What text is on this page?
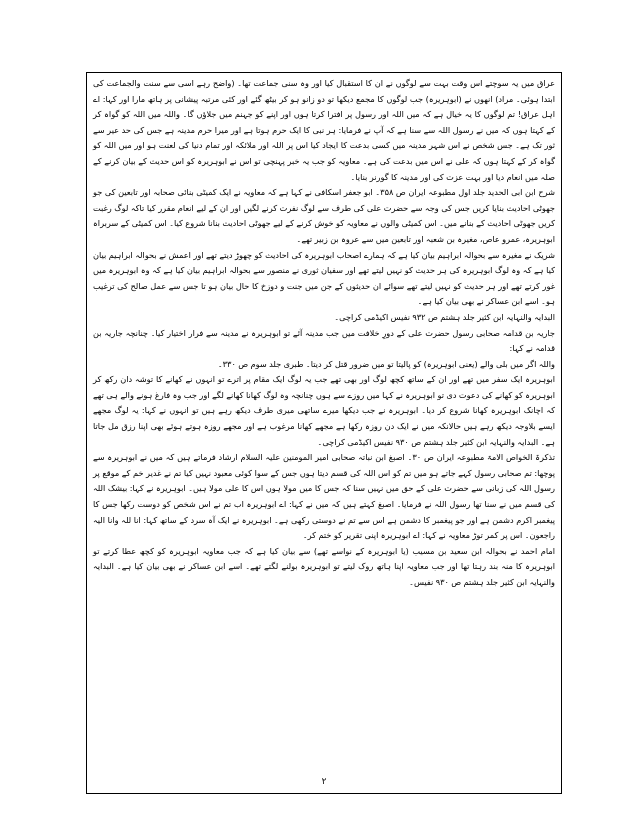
عراق میں یہ سوچتے اس وقت بہت سے لوگوں نے ان کا استقبال کیا اور وہ سنی جماعت تھا۔ (واضح رہے اسی سے سنت والجماعت کی ابتدا ہوئی۔ مراد) انھوں نے (ابوہریرہ) جب لوگوں کا مجمع دیکھا تو دو زانو ہو کر بیٹھ گئے اور کئی مرتبہ پیشانی پر ہاتھ مارا اور کہا: اے اہل عراق! تم لوگوں کا یہ خیال ہے کہ میں اللہ اور رسول پر افترا کرتا ہوں اور اپنے کو جہنم میں جلاؤں گا۔ واللہ میں اللہ کو گواہ کر کے کہتا ہوں کہ میں نے رسول اللہ سے سنا ہے کہ آپ نے فرمایا: ہر نبی کا ایک حرم ہوتا ہے اور میرا حرم مدینہ ہے جس کی حد عیر سے ثور تک ہے۔ جس شخص نے اس شہر مدینہ میں کسی بدعت کا ایجاد کیا اس پر اللہ اور ملائکہ اور تمام دنیا کی لعنت ہو اور میں اللہ کو گواہ کر کے کہتا ہوں کہ علی نے اس میں بدعت کی ہے۔ معاویہ کو جب یہ خبر پہنچی تو اس نے ابوہریرہ کو اس حدیث کے بیان کرنے کے صلہ میں انعام دیا اور بہت عزت کی اور مدینہ کا گورنر بنایا۔

شرح ابن ابی الحدید جلد اول مطبوعہ ایران ص ۳۵۸۔ ابو جعفر اسکافی نے کہا ہے کہ معاویہ نے ایک کمیٹی بنائی صحابہ اور تابعین کی جو جھوٹی احادیث بنایا کریں جس کی وجہ سے حضرت علی کی طرف سے لوگ نفرت کرنے لگیں اور ان کے لیے انعام مقرر کیا تاکہ لوگ رغبت کریں جھوٹی احادیث کے بنانے میں۔ اس کمیٹی والوں نے معاویہ کو خوش کرنے کے لیے جھوٹی احادیث بنانا شروع کیا۔ اس کمیٹی کے سربراہ ابوہریرہ، عمرو عاص، مغیرہ بن شعبہ اور تابعین میں سے عروہ بن زبیر تھے۔

شریک نے مغیرہ سے بحوالہ ابراہیم بیان کیا ہے کہ ہمارے اصحاب ابوہریرہ کی احادیث کو چھوڑ دیتے تھے اور اعمش نے بحوالہ ابراہیم بیان کیا ہے کہ وہ لوگ ابوہریرہ کی ہر حدیث کو نہیں لیتے تھے اور سفیان ثوری نے منصور سے بحوالہ ابراہیم بیان کیا ہے کہ وہ ابوہریرہ میں غور کرتے تھے اور ہر حدیث کو نہیں لیتے تھے سوائے ان حدیثوں کے جن میں جنت و دوزخ کا حال بیان ہو تا جس سے عمل صالح کی ترغیب ہو۔ اسے ابن عساکر نے بھی بیان کیا ہے۔

البدایہ والنہایہ ابن کثیر جلد ہشتم ص ۹۳۲ نفیس اکیڈمی کراچی۔

جاریہ بن قدامہ صحابی رسول حضرت علی کے دورِ خلافت میں جب مدینہ آئے تو ابوہریرہ نے مدینہ سے فرار اختیار کیا۔ چنانچہ جاریہ بن قدامہ نے کہا:

واللہ اگر میں بلی والے (یعنی ابوہریرہ) کو پالیتا تو میں ضرور قتل کر دیتا۔ طبری جلد سوم ص ۳۳۰۔

ابوہریرہ ایک سفر میں تھے اور ان کے ساتھ کچھ لوگ اور بھی تھے جب یہ لوگ ایک مقام پر اترے تو انہوں نے کھانے کا توشہ دان رکھ کر ابوہریرہ کو کھانے کی دعوت دی تو ابوہریرہ نے کہا میں روزے سے ہوں چنانچہ وہ لوگ کھانا کھانے لگے اور جب وہ فارغ ہونے والے ہی تھے کہ اچانک ابوہریرہ کھانا شروع کر دیا۔ ابوہریرہ نے جب دیکھا میرے ساتھی میری طرف دیکھ رہے ہیں تو انہوں نے کہا: یہ لوگ مجھے ایسے بلاوجہ دیکھ رہے ہیں حالانکہ میں نے ایک دن روزہ رکھا ہے مجھے کھانا مرغوب ہے اور مجھے روزہ ہوتے ہوئے بھی اپنا رزق مل جاتا ہے۔ البدایہ والنہایہ ابن کثیر جلد ہشتم ص ۹۳۰ نفیس اکیڈمی کراچی۔

تذکرۃ الخواص الامۃ مطبوعہ ایران ص ۳۰۔ اصبغ ابن نباتہ صحابی امیر المومنین علیہ السلام ارشاد فرماتے ہیں کہ میں نے ابوہریرہ سے پوچھا: تم صحابی رسول کہے جاتے ہو میں تم کو اس اللہ کی قسم دیتا ہوں جس کے سوا کوئی معبود نہیں کیا تم نے غدیر خم کے موقع پر رسول اللہ کی زبانی سے حضرت علی کے حق میں نہیں سنا کہ جس کا میں مولا ہوں اس کا علی مولا ہیں۔ ابوہریرہ نے کہا: بیشک اللہ کی قسم میں نے سنا تھا رسول اللہ نے فرمایا۔ اصبغ کہتے ہیں کہ میں نے کہا: اے ابوہریرہ اب تم نے اس شخص کو دوست رکھا جس کا پیغمبر اکرم دشمن ہے اور جو پیغمبر کا دشمن ہے اس سے تم نے دوستی رکھی ہے۔ ابوہریرہ نے ایک آہ سرد کے ساتھ کہا: انا للہ وانا الیہ راجعون۔ اس پر کمر توڑ معاویہ نے کہا: اے ابوہریرہ اپنی تقریر کو ختم کر۔

امام احمد نے بحوالہ ابن سعید بن مسیب (یا ابوہریرہ کے نواسے تھے) سے بیان کیا ہے کہ جب معاویہ ابوہریرہ کو کچھ عطا کرتے تو ابوہریرہ کا منہ بند رہتا تھا اور جب معاویہ اپنا ہاتھ روک لیتے تو ابوہریرہ بولنے لگتے تھے۔ اسے ابن عساکر نے بھی بیان کیا ہے۔ البدایہ والنہایہ ابن کثیر جلد ہشتم ص ۹۳۰ نفیس۔

۲
